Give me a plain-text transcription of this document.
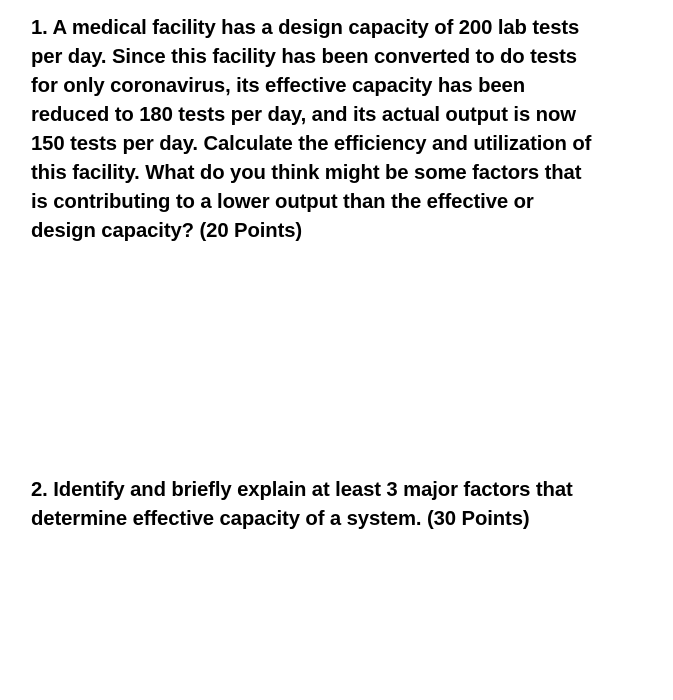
1. A medical facility has a design capacity of 200 lab tests
per day. Since this facility has been converted to do tests
for only coronavirus, its effective capacity has been
reduced to 180 tests per day, and its actual output is now
150 tests per day. Calculate the efficiency and utilization of
this facility. What do you think might be some factors that
is contributing to a lower output than the effective or
design capacity? (20 Points)

2. Identify and briefly explain at least 3 major factors that
determine effective capacity of a system. (30 Points)
